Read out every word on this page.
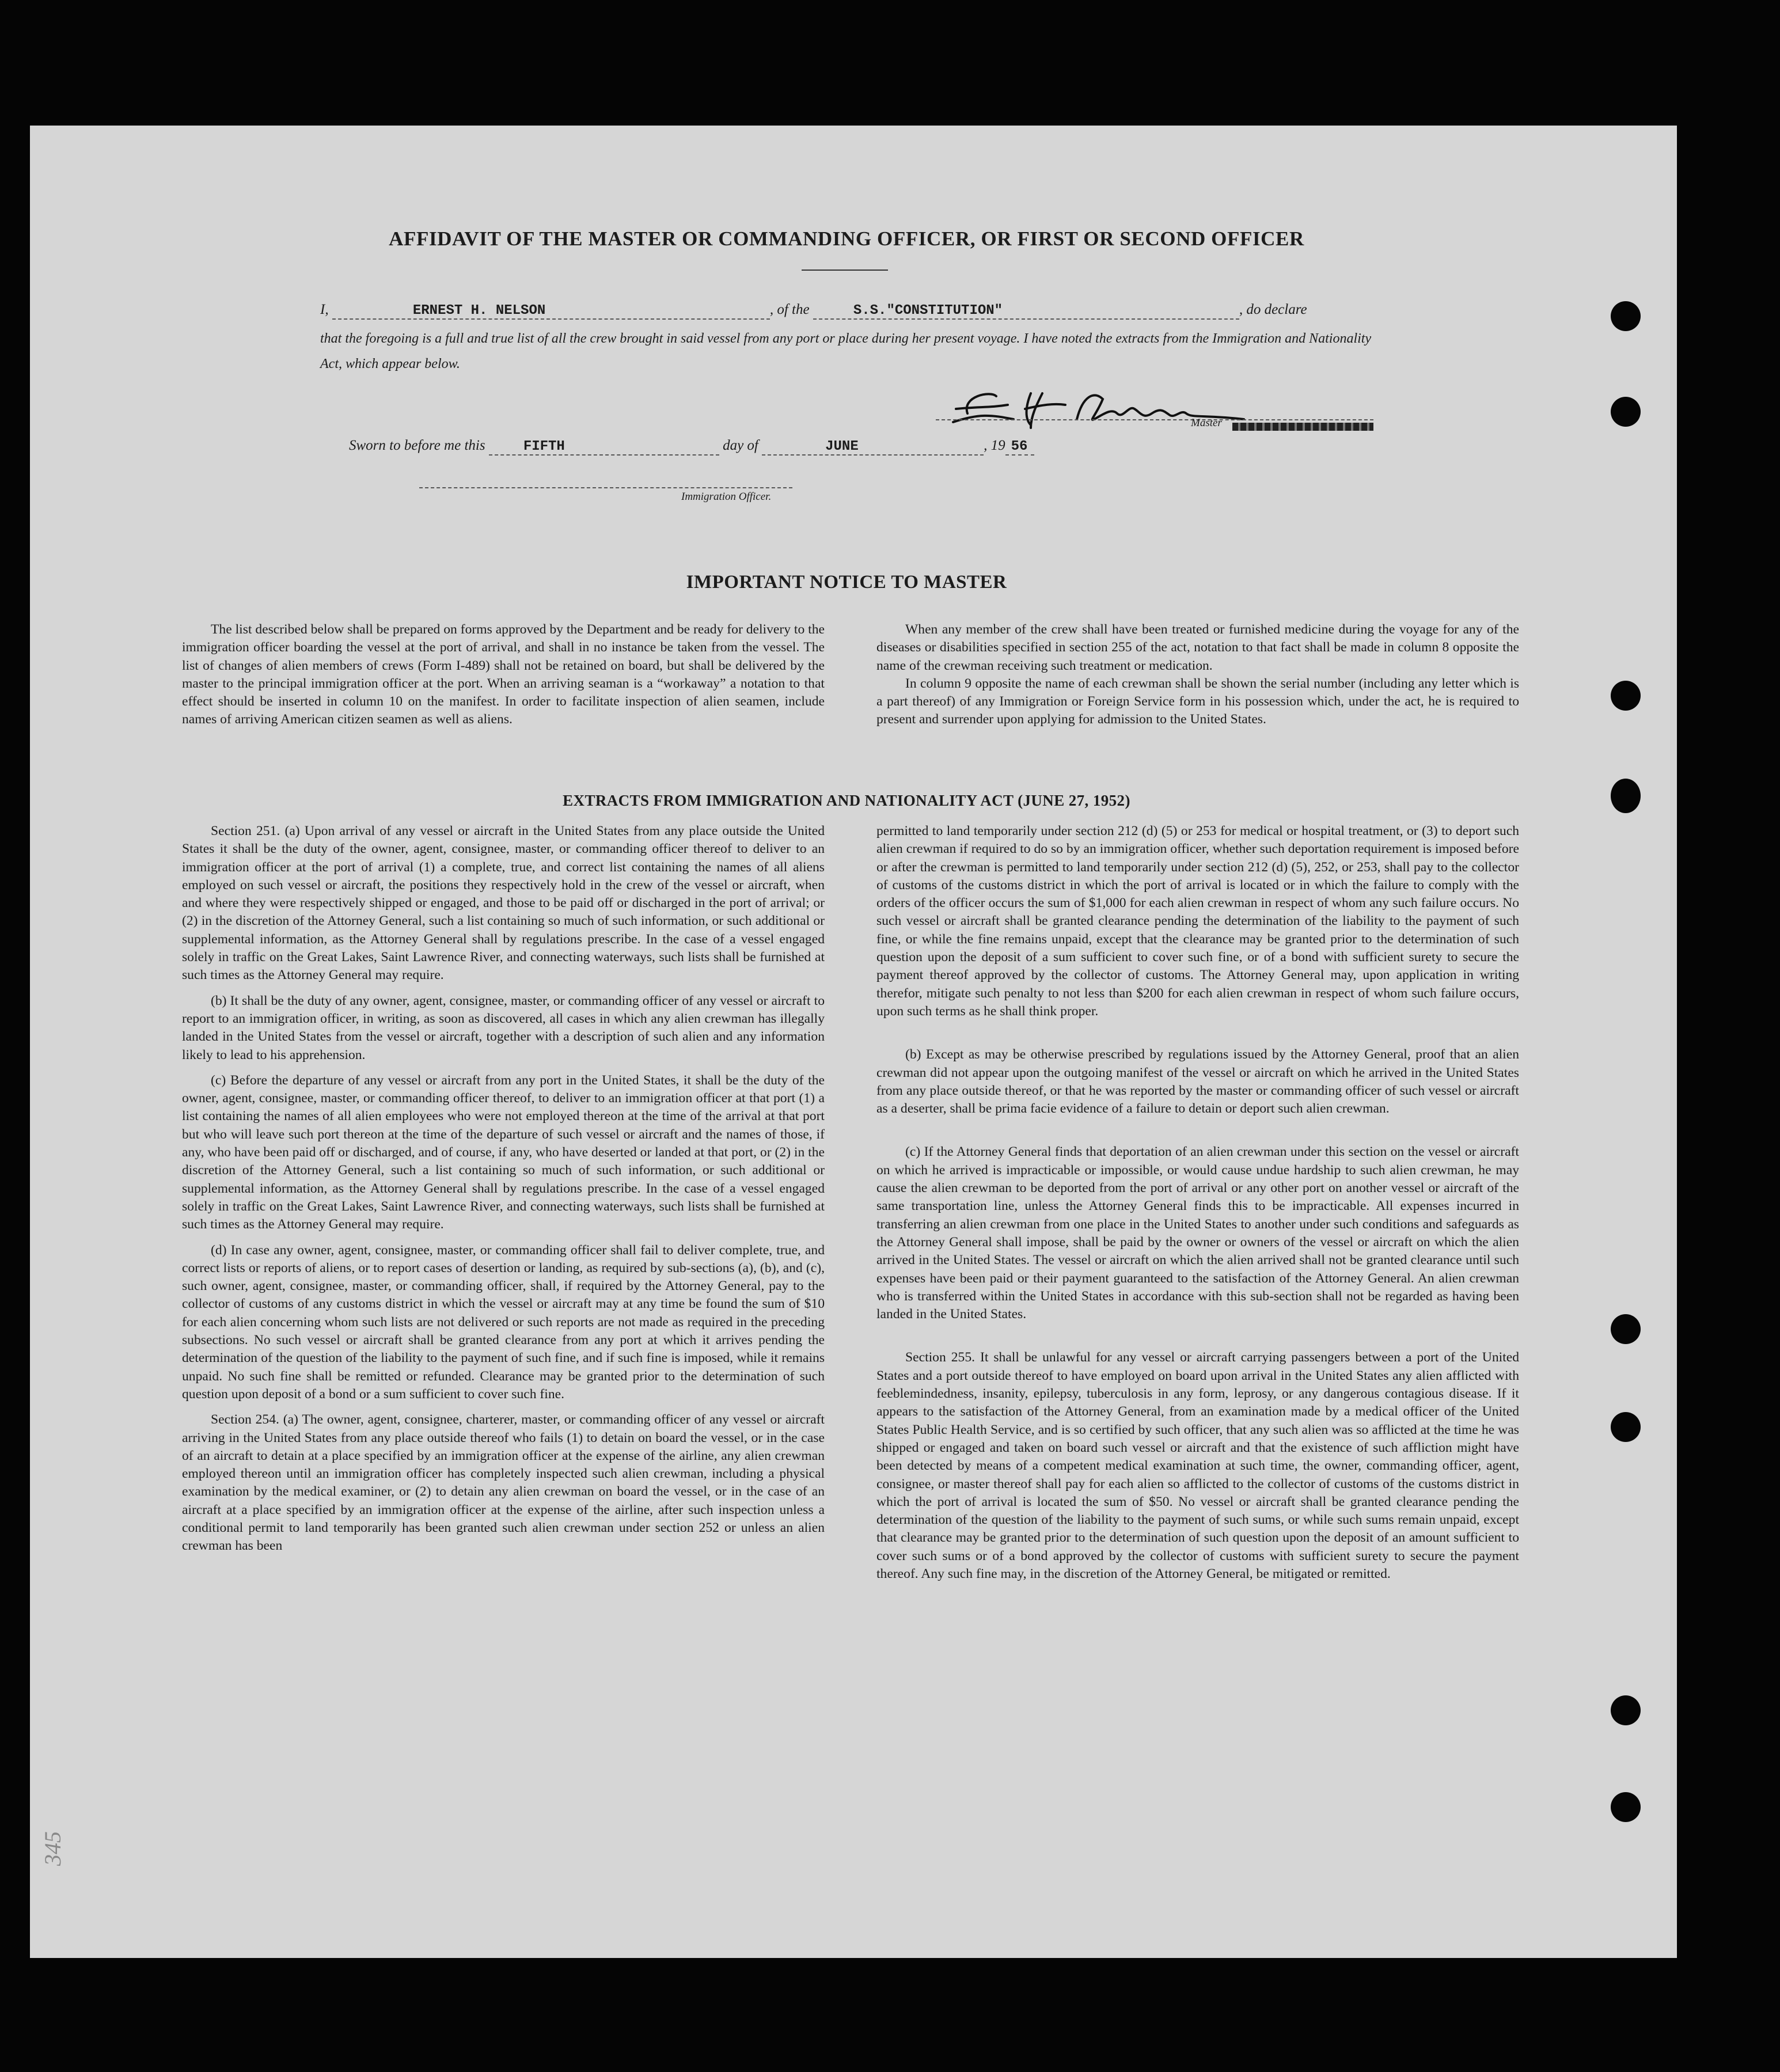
AFFIDAVIT OF THE MASTER OR COMMANDING OFFICER, OR FIRST OR SECOND OFFICER
I,	ERNEST H. NELSON	, of the	S.S."CONSTITUTION"	, do declare
that the foregoing is a full and true list of all the crew brought in said vessel from any port or place during her present voyage. I have noted the extracts from the Immigration and Nationality Act, which appear below.
Master
Sworn to before me this	FIFTH	day of	JUNE	, 19 56
Immigration Officer.
IMPORTANT NOTICE TO MASTER

The list described below shall be prepared on forms approved by the Department and be ready for delivery to the immigration officer boarding the vessel at the port of arrival, and shall in no instance be taken from the vessel. The list of changes of alien members of crews (Form I-489) shall not be retained on board, but shall be delivered by the master to the principal immigration officer at the port. When an arriving seaman is a “workaway” a notation to that effect should be inserted in column 10 on the manifest. In order to facilitate inspection of alien seamen, include names of arriving American citizen seamen as well as aliens.

When any member of the crew shall have been treated or furnished medicine during the voyage for any of the diseases or disabilities specified in section 255 of the act, notation to that fact shall be made in column 8 opposite the name of the crewman receiving such treatment or medication.

In column 9 opposite the name of each crewman shall be shown the serial number (including any letter which is a part thereof) of any Immigration or Foreign Service form in his possession which, under the act, he is required to present and surrender upon applying for admission to the United States.

EXTRACTS FROM IMMIGRATION AND NATIONALITY ACT (JUNE 27, 1952)

Section 251. (a) Upon arrival of any vessel or aircraft in the United States from any place outside the United States it shall be the duty of the owner, agent, consignee, master, or commanding officer thereof to deliver to an immigration officer at the port of arrival (1) a complete, true, and correct list containing the names of all aliens employed on such vessel or aircraft, the positions they respectively hold in the crew of the vessel or aircraft, when and where they were respectively shipped or engaged, and those to be paid off or discharged in the port of arrival; or (2) in the discretion of the Attorney General, such a list containing so much of such information, or such additional or supplemental information, as the Attorney General shall by regulations prescribe. In the case of a vessel engaged solely in traffic on the Great Lakes, Saint Lawrence River, and connecting waterways, such lists shall be furnished at such times as the Attorney General may require.

(b) It shall be the duty of any owner, agent, consignee, master, or commanding officer of any vessel or aircraft to report to an immigration officer, in writing, as soon as discovered, all cases in which any alien crewman has illegally landed in the United States from the vessel or aircraft, together with a description of such alien and any information likely to lead to his apprehension.

(c) Before the departure of any vessel or aircraft from any port in the United States, it shall be the duty of the owner, agent, consignee, master, or commanding officer thereof, to deliver to an immigration officer at that port (1) a list containing the names of all alien employees who were not employed thereon at the time of the arrival at that port but who will leave such port thereon at the time of the departure of such vessel or aircraft and the names of those, if any, who have been paid off or discharged, and of course, if any, who have deserted or landed at that port, or (2) in the discretion of the Attorney General, such a list containing so much of such information, or such additional or supplemental information, as the Attorney General shall by regulations prescribe. In the case of a vessel engaged solely in traffic on the Great Lakes, Saint Lawrence River, and connecting waterways, such lists shall be furnished at such times as the Attorney General may require.

(d) In case any owner, agent, consignee, master, or commanding officer shall fail to deliver complete, true, and correct lists or reports of aliens, or to report cases of desertion or landing, as required by sub-sections (a), (b), and (c), such owner, agent, consignee, master, or commanding officer, shall, if required by the Attorney General, pay to the collector of customs of any customs district in which the vessel or aircraft may at any time be found the sum of $10 for each alien concerning whom such lists are not delivered or such reports are not made as required in the preceding subsections. No such vessel or aircraft shall be granted clearance from any port at which it arrives pending the determination of the question of the liability to the payment of such fine, and if such fine is imposed, while it remains unpaid. No such fine shall be remitted or refunded. Clearance may be granted prior to the determination of such question upon deposit of a bond or a sum sufficient to cover such fine.

Section 254. (a) The owner, agent, consignee, charterer, master, or commanding officer of any vessel or aircraft arriving in the United States from any place outside thereof who fails (1) to detain on board the vessel, or in the case of an aircraft to detain at a place specified by an immigration officer at the expense of the airline, any alien crewman employed thereon until an immigration officer has completely inspected such alien crewman, including a physical examination by the medical examiner, or (2) to detain any alien crewman on board the vessel, or in the case of an aircraft at a place specified by an immigration officer at the expense of the airline, after such inspection unless a conditional permit to land temporarily has been granted such alien crewman under section 252 or unless an alien crewman has been

permitted to land temporarily under section 212 (d) (5) or 253 for medical or hospital treatment, or (3) to deport such alien crewman if required to do so by an immigration officer, whether such deportation requirement is imposed before or after the crewman is permitted to land temporarily under section 212 (d) (5), 252, or 253, shall pay to the collector of customs of the customs district in which the port of arrival is located or in which the failure to comply with the orders of the officer occurs the sum of $1,000 for each alien crewman in respect of whom any such failure occurs. No such vessel or aircraft shall be granted clearance pending the determination of the liability to the payment of such fine, or while the fine remains unpaid, except that the clearance may be granted prior to the determination of such question upon the deposit of a sum sufficient to cover such fine, or of a bond with sufficient surety to secure the payment thereof approved by the collector of customs. The Attorney General may, upon application in writing therefor, mitigate such penalty to not less than $200 for each alien crewman in respect of whom such failure occurs, upon such terms as he shall think proper.

(b) Except as may be otherwise prescribed by regulations issued by the Attorney General, proof that an alien crewman did not appear upon the outgoing manifest of the vessel or aircraft on which he arrived in the United States from any place outside thereof, or that he was reported by the master or commanding officer of such vessel or aircraft as a deserter, shall be prima facie evidence of a failure to detain or deport such alien crewman.

(c) If the Attorney General finds that deportation of an alien crewman under this section on the vessel or aircraft on which he arrived is impracticable or impossible, or would cause undue hardship to such alien crewman, he may cause the alien crewman to be deported from the port of arrival or any other port on another vessel or aircraft of the same transportation line, unless the Attorney General finds this to be impracticable. All expenses incurred in transferring an alien crewman from one place in the United States to another under such conditions and safeguards as the Attorney General shall impose, shall be paid by the owner or owners of the vessel or aircraft on which the alien arrived in the United States. The vessel or aircraft on which the alien arrived shall not be granted clearance until such expenses have been paid or their payment guaranteed to the satisfaction of the Attorney General. An alien crewman who is transferred within the United States in accordance with this sub-section shall not be regarded as having been landed in the United States.

Section 255. It shall be unlawful for any vessel or aircraft carrying passengers between a port of the United States and a port outside thereof to have employed on board upon arrival in the United States any alien afflicted with feeblemindedness, insanity, epilepsy, tuberculosis in any form, leprosy, or any dangerous contagious disease. If it appears to the satisfaction of the Attorney General, from an examination made by a medical officer of the United States Public Health Service, and is so certified by such officer, that any such alien was so afflicted at the time he was shipped or engaged and taken on board such vessel or aircraft and that the existence of such affliction might have been detected by means of a competent medical examination at such time, the owner, commanding officer, agent, consignee, or master thereof shall pay for each alien so afflicted to the collector of customs of the customs district in which the port of arrival is located the sum of $50. No vessel or aircraft shall be granted clearance pending the determination of the question of the liability to the payment of such sums, or while such sums remain unpaid, except that clearance may be granted prior to the determination of such question upon the deposit of an amount sufficient to cover such sums or of a bond approved by the collector of customs with sufficient surety to secure the payment thereof. Any such fine may, in the discretion of the Attorney General, be mitigated or remitted.

345
